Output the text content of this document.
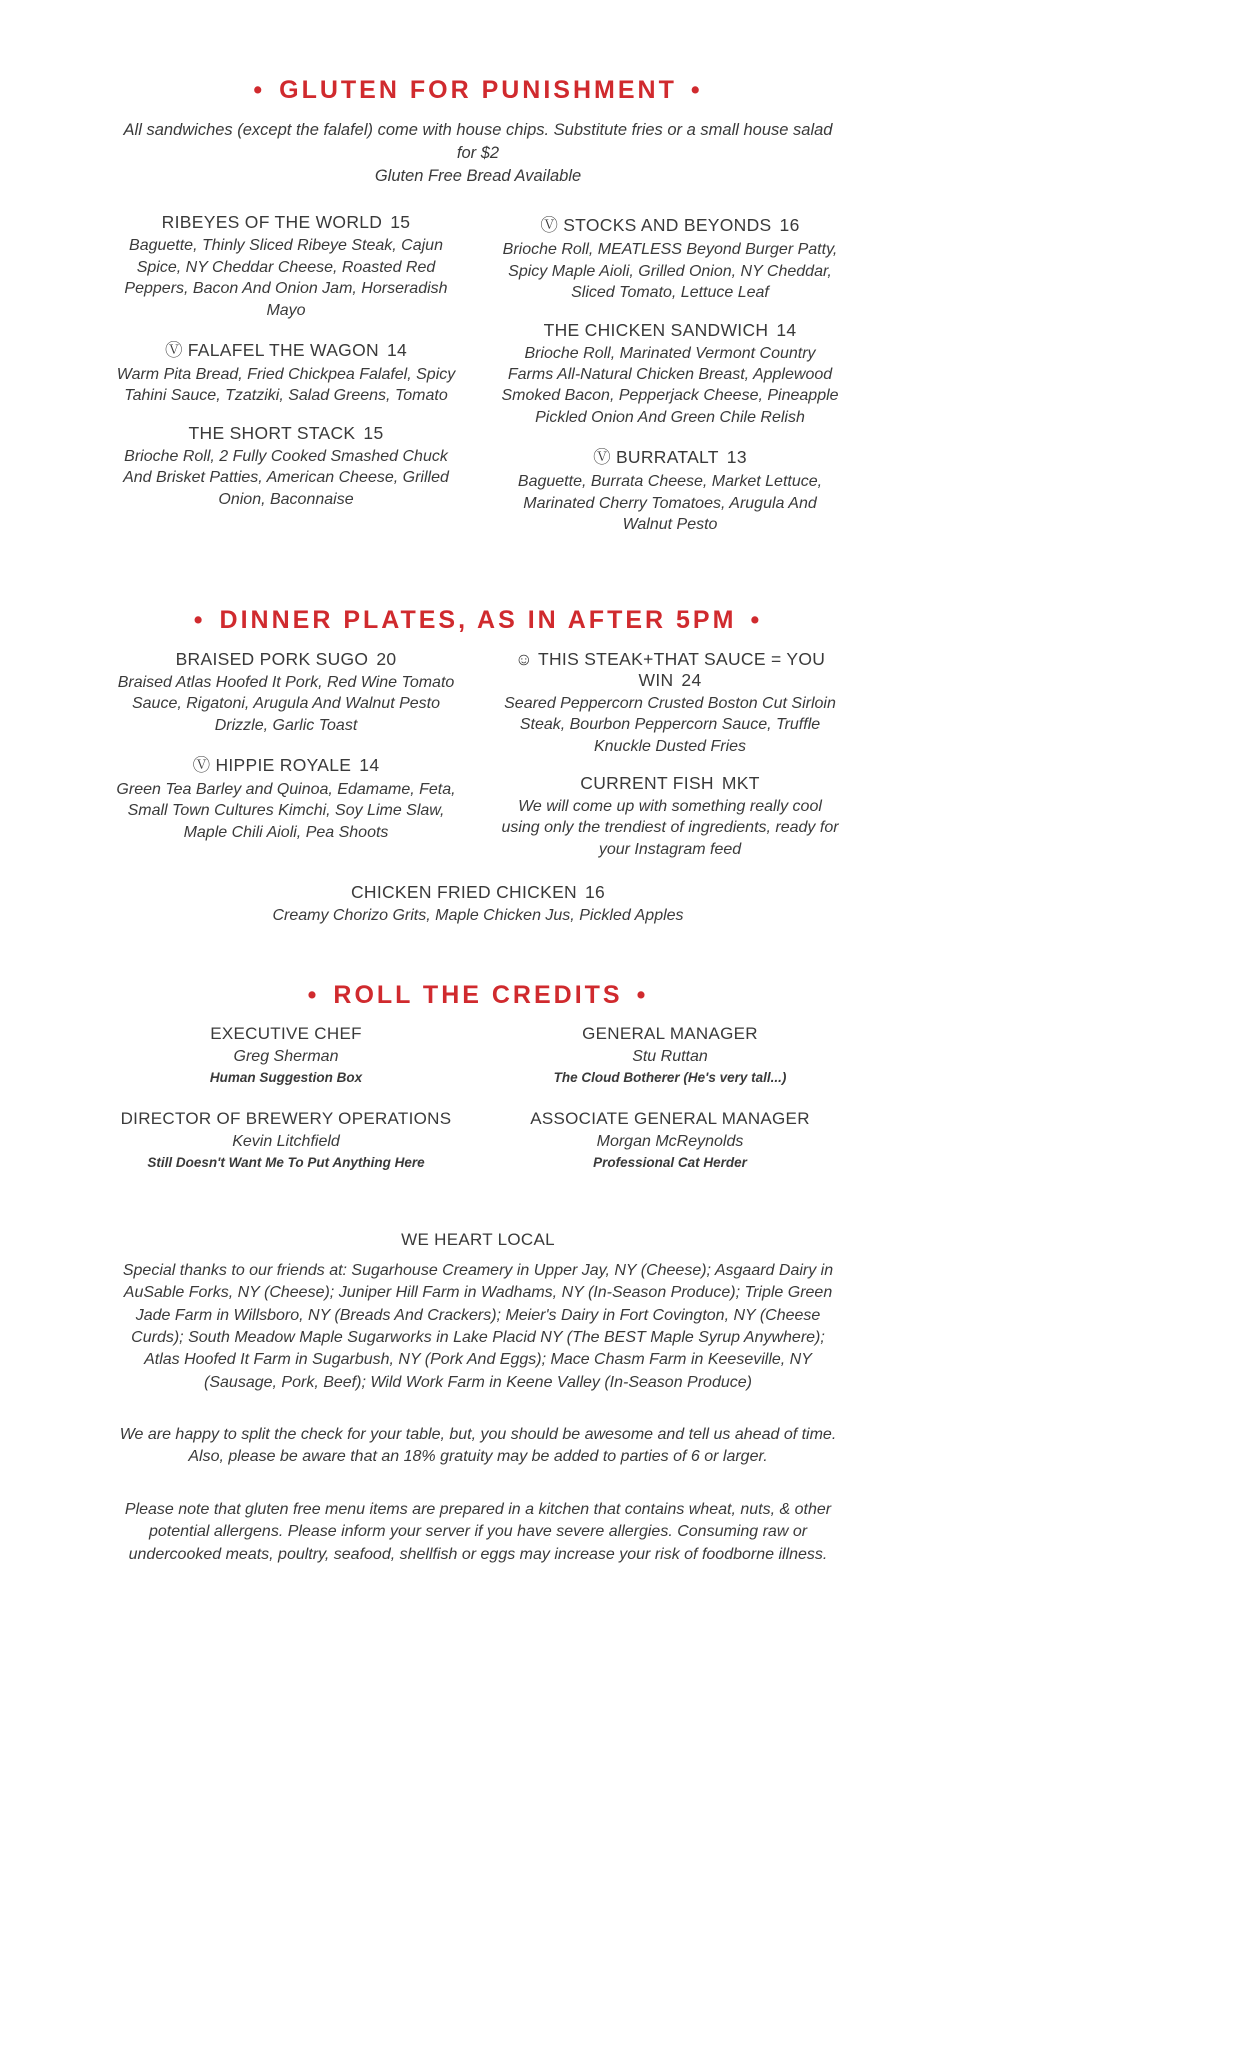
• GLUTEN FOR PUNISHMENT •
All sandwiches (except the falafel) come with house chips. Substitute fries or a small house salad for $2
Gluten Free Bread Available
RIBEYES OF THE WORLD 15
Baguette, Thinly Sliced Ribeye Steak, Cajun Spice, NY Cheddar Cheese, Roasted Red Peppers, Bacon And Onion Jam, Horseradish Mayo
Ⓥ FALAFEL THE WAGON 14
Warm Pita Bread, Fried Chickpea Falafel, Spicy Tahini Sauce, Tzatziki, Salad Greens, Tomato
THE SHORT STACK 15
Brioche Roll, 2 Fully Cooked Smashed Chuck And Brisket Patties, American Cheese, Grilled Onion, Baconnaise
Ⓥ STOCKS AND BEYONDS 16
Brioche Roll, MEATLESS Beyond Burger Patty, Spicy Maple Aioli, Grilled Onion, NY Cheddar, Sliced Tomato, Lettuce Leaf
THE CHICKEN SANDWICH 14
Brioche Roll, Marinated Vermont Country Farms All-Natural Chicken Breast, Applewood Smoked Bacon, Pepperjack Cheese, Pineapple Pickled Onion And Green Chile Relish
Ⓥ BURRATALT 13
Baguette, Burrata Cheese, Market Lettuce, Marinated Cherry Tomatoes, Arugula And Walnut Pesto
• DINNER PLATES, AS IN AFTER 5PM •
BRAISED PORK SUGO 20
Braised Atlas Hoofed It Pork, Red Wine Tomato Sauce, Rigatoni, Arugula And Walnut Pesto Drizzle, Garlic Toast
Ⓥ HIPPIE ROYALE 14
Green Tea Barley and Quinoa, Edamame, Feta, Small Town Cultures Kimchi, Soy Lime Slaw, Maple Chili Aioli, Pea Shoots
☺ THIS STEAK+THAT SAUCE = YOU WIN 24
Seared Peppercorn Crusted Boston Cut Sirloin Steak, Bourbon Peppercorn Sauce, Truffle Knuckle Dusted Fries
CURRENT FISH MKT
We will come up with something really cool using only the trendiest of ingredients, ready for your Instagram feed
CHICKEN FRIED CHICKEN 16
Creamy Chorizo Grits, Maple Chicken Jus, Pickled Apples
• ROLL THE CREDITS •
EXECUTIVE CHEF
Greg Sherman
Human Suggestion Box
DIRECTOR OF BREWERY OPERATIONS
Kevin Litchfield
Still Doesn't Want Me To Put Anything Here
GENERAL MANAGER
Stu Ruttan
The Cloud Botherer (He's very tall...)
ASSOCIATE GENERAL MANAGER
Morgan McReynolds
Professional Cat Herder
WE HEART LOCAL
Special thanks to our friends at: Sugarhouse Creamery in Upper Jay, NY (Cheese); Asgaard Dairy in AuSable Forks, NY (Cheese); Juniper Hill Farm in Wadhams, NY (In-Season Produce); Triple Green Jade Farm in Willsboro, NY (Breads And Crackers); Meier's Dairy in Fort Covington, NY (Cheese Curds); South Meadow Maple Sugarworks in Lake Placid NY (The BEST Maple Syrup Anywhere); Atlas Hoofed It Farm in Sugarbush, NY (Pork And Eggs); Mace Chasm Farm in Keeseville, NY (Sausage, Pork, Beef); Wild Work Farm in Keene Valley (In-Season Produce)
We are happy to split the check for your table, but, you should be awesome and tell us ahead of time. Also, please be aware that an 18% gratuity may be added to parties of 6 or larger.
Please note that gluten free menu items are prepared in a kitchen that contains wheat, nuts, & other potential allergens. Please inform your server if you have severe allergies. Consuming raw or undercooked meats, poultry, seafood, shellfish or eggs may increase your risk of foodborne illness.
